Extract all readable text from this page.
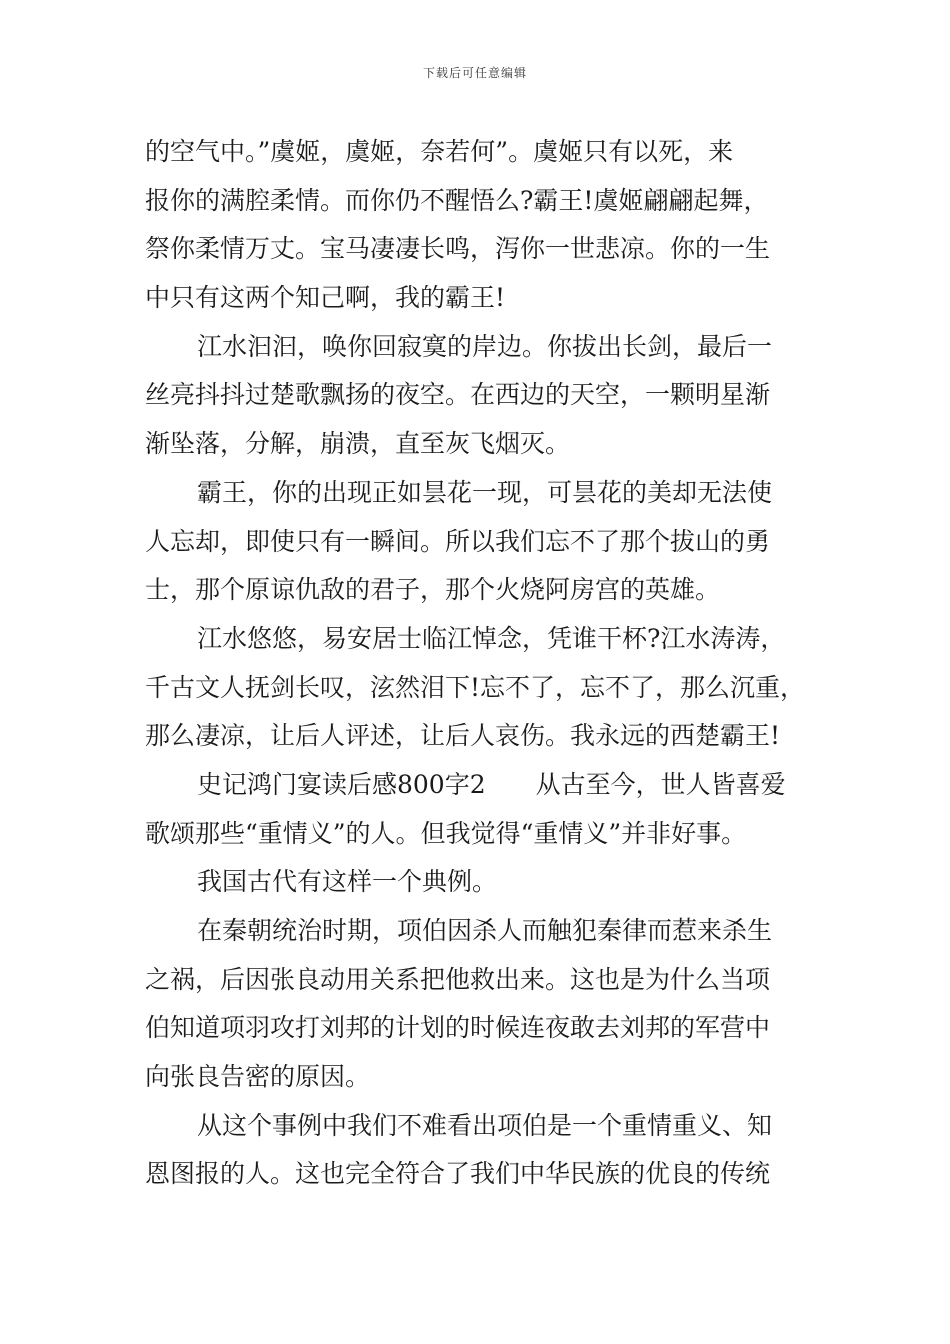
下载后可任意编辑
的空气中。”虞姬，虞姬，奈若何”。虞姬只有以死，来
报你的满腔柔情。而你仍不醒悟么?霸王!虞姬翩翩起舞，
祭你柔情万丈。宝马凄凄长鸣，泻你一世悲凉。你的一生
中只有这两个知己啊，我的霸王!
江水汩汩，唤你回寂寞的岸边。你拔出长剑，最后一
丝亮抖抖过楚歌飘扬的夜空。在西边的天空，一颗明星渐
渐坠落，分解，崩溃，直至灰飞烟灭。
霸王，你的出现正如昙花一现，可昙花的美却无法使
人忘却，即使只有一瞬间。所以我们忘不了那个拔山的勇
士，那个原谅仇敌的君子，那个火烧阿房宫的英雄。
江水悠悠，易安居士临江悼念，凭谁干杯?江水涛涛，
千古文人抚剑长叹，泫然泪下!忘不了，忘不了，那么沉重，
那么凄凉，让后人评述，让后人哀伤。我永远的西楚霸王!
史记鸿门宴读后感800字2　　从古至今，世人皆喜爱
歌颂那些“重情义”的人。但我觉得“重情义”并非好事。
我国古代有这样一个典例。
在秦朝统治时期，项伯因杀人而触犯秦律而惹来杀生
之祸，后因张良动用关系把他救出来。这也是为什么当项
伯知道项羽攻打刘邦的计划的时候连夜敢去刘邦的军营中
向张良告密的原因。
从这个事例中我们不难看出项伯是一个重情重义、知
恩图报的人。这也完全符合了我们中华民族的优良的传统
